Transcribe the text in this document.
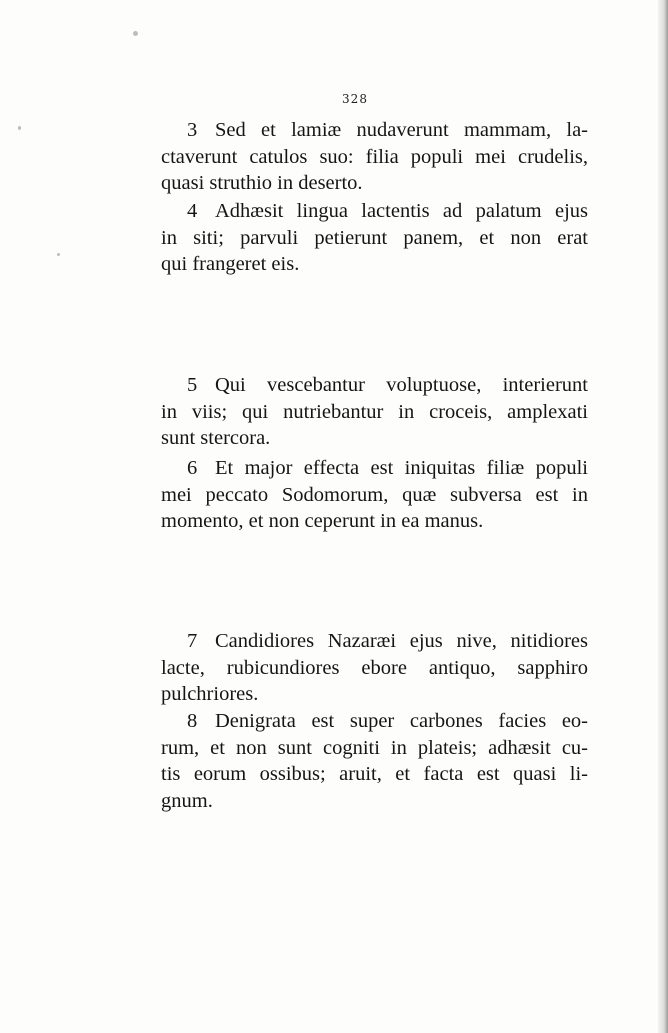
328
3 Sed et lamiæ nudaverunt mammam, la-
ctaverunt catulos suo: filia populi mei crudelis,
quasi struthio in deserto.
4 Adhæsit lingua lactentis ad palatum ejus
in siti; parvuli petierunt panem, et non erat
qui frangeret eis.
5 Qui vescebantur voluptuose, interierunt
in viis; qui nutriebantur in croceis, amplexati
sunt stercora.
6 Et major effecta est iniquitas filiæ populi
mei peccato Sodomorum, quæ subversa est in
momento, et non ceperunt in ea manus.
7 Candidiores Nazaræi ejus nive, nitidiores
lacte, rubicundiores ebore antiquo, sapphiro
pulchriores.
8 Denigrata est super carbones facies eo-
rum, et non sunt cogniti in plateis; adhæsit cu-
tis eorum ossibus; aruit, et facta est quasi li-
gnum.
